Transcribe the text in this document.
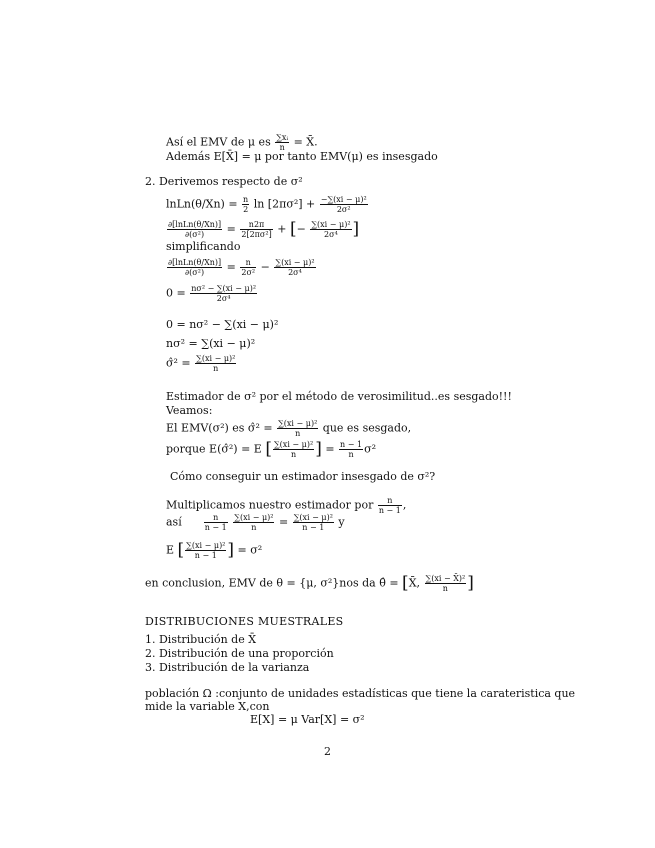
Así el EMV de μ es $\frac{\text{∑xᵢ}}{n}$ = X̄.
Además E[X̄] = μ por tanto EMV(μ) es insesgado
2. Derivemos respecto de σ²
lnLn(θ/Xn) = $\frac{n}{2}$ $\ln [2\pi\sigma^2] + \frac{\text{−∑(xi − μ)²}}{\text{2σ²}}$
$\frac{\text{∂[lnLn(θ/Xn)]}}{\text{∂(σ²)}} = \frac{n2\pi}{\text{2[2πσ²]}}$ + [− $\frac{\text{∑(xi − μ)²}}{\text{2σ⁴}}$ ]
simplificando
$\frac{\text{∂[lnLn(θ/Xn)]}}{\text{∂(σ²)}} = \frac{n}{\text{2σ²}} - \frac{\text{∑(xi − μ)²}}{\text{2σ⁴}}$
$0 = \frac{\text{nσ² − ∑(xi − μ)²}}{\text{2σ⁴}}$
0 = nσ² − ∑(xi − μ)²
nσ² = ∑(xi − μ)²
σ̂² = $\frac{\text{∑(xi − μ)²}}{n}$
Estimador de σ² por el método de verosimilitud..es sesgado!!!
Veamos:
El EMV(σ²) es σ̂² = $\frac{\text{∑(xi − μ)²}}{n}$ que es sesgado,
porque E(σ̂²) = E [ $\frac{\text{∑(xi − μ)²}}{n}$ ] = $\frac{n - 1}{n} \sigma^2$
Cómo conseguir un estimador insesgado de σ²?
Multiplicamos nuestro estimador por $\frac{n}{n - 1}$ ,
así	$\frac{n}{n - 1}$
$\frac{\text{∑(xi − μ)²}}{n} = \frac{\text{∑(xi − μ)²}}{n - 1}$ y
E [ $\frac{\text{∑(xi − μ)²}}{n - 1}$ ] = σ²
en conclusion, EMV de θ = {μ, σ²}nos da θ̂ = [X̄, $\frac{\text{∑(xi − X̄)²}}{n}$ ]
DISTRIBUCIONES MUESTRALES
1. Distribución de X̄
2. Distribución de una proporción
3. Distribución de la varianza
población Ω :conjunto de unidades estadísticas que tiene la carateristica que
mide la variable X,con
E[X] = μ Var[X] = σ²
2
